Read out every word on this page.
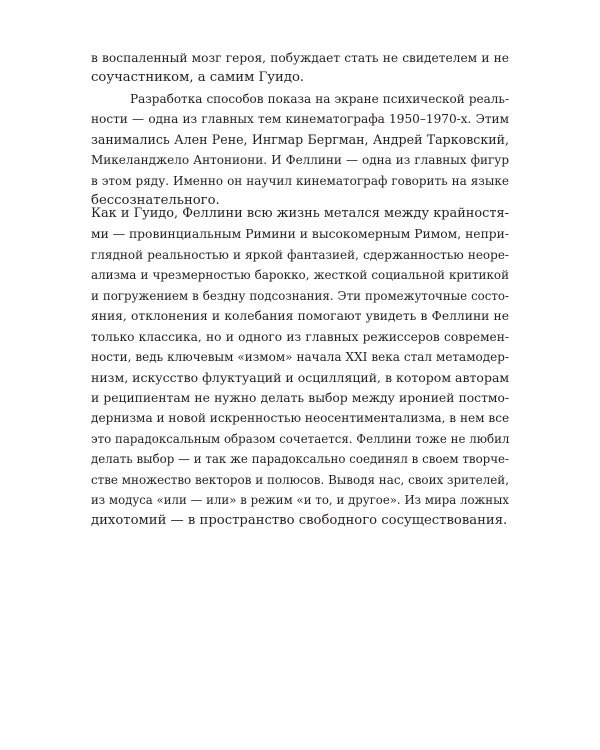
в воспаленный мозг героя, побуждает стать не свидетелем и не
соучастником, а самим Гуидо.
Разработка способов показа на экране психической реаль-
ности — одна из главных тем кинематографа 1950–1970-х. Этим
занимались Ален Рене, Ингмар Бергман, Андрей Тарковский,
Микеланджело Антониони. И Феллини — одна из главных фигур
в этом ряду. Именно он научил кинематограф говорить на языке
бессознательного.
Как и Гуидо, Феллини всю жизнь метался между крайностя-
ми — провинциальным Римини и высокомерным Римом, непри-
глядной реальностью и яркой фантазией, сдержанностью неоре-
ализма и чрезмерностью барокко, жесткой социальной критикой
и погружением в бездну подсознания. Эти промежуточные состо-
яния, отклонения и колебания помогают увидеть в Феллини не
только классика, но и одного из главных режиссеров современ-
ности, ведь ключевым «измом» начала XXI века стал метамодер-
низм, искусство флуктуаций и осцилляций, в котором авторам
и реципиентам не нужно делать выбор между иронией постмо-
дернизма и новой искренностью неосентиментализма, в нем все
это парадоксальным образом сочетается. Феллини тоже не любил
делать выбор — и так же парадоксально соединял в своем творче-
стве множество векторов и полюсов. Выводя нас, своих зрителей,
из модуса «или — или» в режим «и то, и другое». Из мира ложных
дихотомий — в пространство свободного сосуществования.
